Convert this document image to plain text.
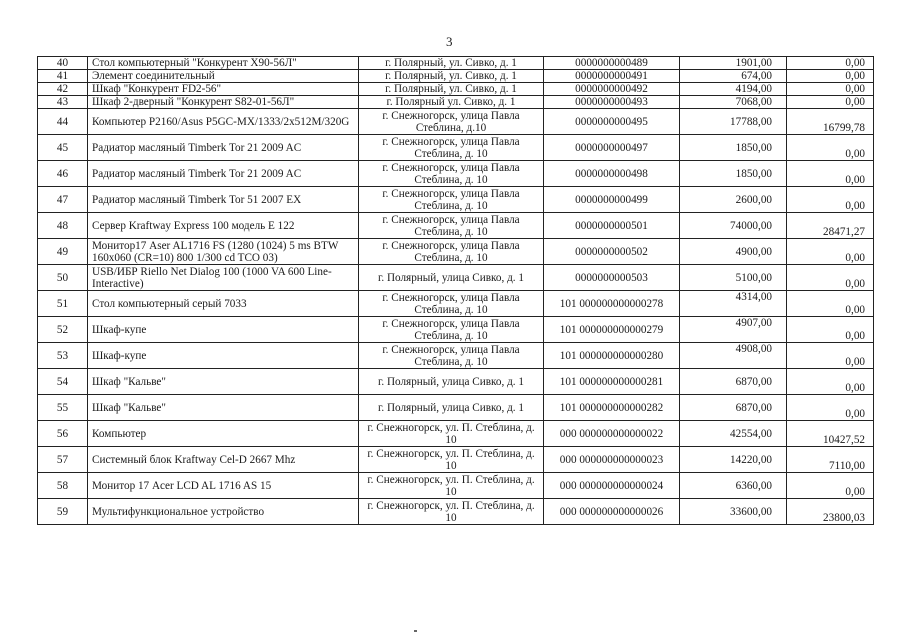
3
40	Стол компьютерный "Конкурент Х90-56Л"	г. Полярный, ул. Сивко, д. 1	0000000000489	1901,00	0,00
41	Элемент соединительный	г. Полярный, ул. Сивко, д. 1	0000000000491	674,00	0,00
42	Шкаф "Конкурент FD2-56"	г. Полярный, ул. Сивко, д. 1	0000000000492	4194,00	0,00
43	Шкаф 2-дверный "Конкурент S82-01-56Л"	г. Полярный ул. Сивко, д. 1	0000000000493	7068,00	0,00
44	Компьютер P2160/Asus P5GC-MX/1333/2x512M/320G	г. Снежногорск, улица Павла Стеблина, д.10	0000000000495	17788,00	16799,78
45	Радиатор масляный Timberk Tor 21 2009 AC	г. Снежногорск, улица Павла Стеблина, д. 10	0000000000497	1850,00	0,00
46	Радиатор масляный Timberk Tor 21 2009 AC	г. Снежногорск, улица Павла Стеблина, д. 10	0000000000498	1850,00	0,00
47	Радиатор масляный Timberk Tor 51 2007 EX	г. Снежногорск, улица Павла Стеблина, д. 10	0000000000499	2600,00	0,00
48	Сервер Kraftway Express 100 модель E 122	г. Снежногорск, улица Павла Стеблина, д. 10	0000000000501	74000,00	28471,27
49	Монитор17 Aser AL1716 FS (1280 (1024) 5 ms BTW 160x060 (CR=10) 800 1/300 cd TCO 03)	г. Снежногорск, улица Павла Стеблина, д. 10	0000000000502	4900,00	0,00
50	USB/ИБР Riello Net Dialog 100 (1000 VA 600 Line-Interactive)	г. Полярный, улица Сивко, д. 1	0000000000503	5100,00	0,00
51	Стол компьютерный серый 7033	г. Снежногорск, улица Павла Стеблина, д. 10	101 000000000000278	4314,00	0,00
52	Шкаф-купе	г. Снежногорск, улица Павла Стеблина, д. 10	101 000000000000279	4907,00	0,00
53	Шкаф-купе	г. Снежногорск, улица Павла Стеблина, д. 10	101 000000000000280	4908,00	0,00
54	Шкаф "Кальве"	г. Полярный, улица Сивко, д. 1	101 000000000000281	6870,00	0,00
55	Шкаф "Кальве"	г. Полярный, улица Сивко, д. 1	101 000000000000282	6870,00	0,00
56	Компьютер	г. Снежногорск, ул. П. Стеблина, д. 10	000 000000000000022	42554,00	10427,52
57	Системный блок Kraftway Cel-D 2667 Mhz	г. Снежногорск, ул. П. Стеблина, д. 10	000 000000000000023	14220,00	7110,00
58	Монитор 17 Acer LCD AL 1716 AS 15	г. Снежногорск, ул. П. Стеблина, д. 10	000 000000000000024	6360,00	0,00
59	Мультифункциональное устройство	г. Снежногорск, ул. П. Стеблина, д. 10	000 000000000000026	33600,00	23800,03
